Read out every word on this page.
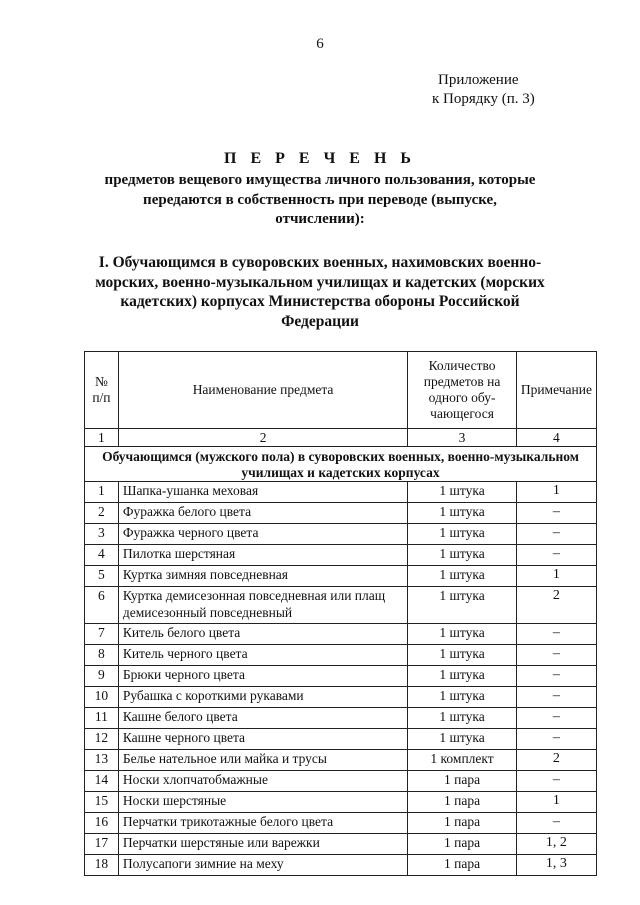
6
Приложение
к Порядку (п. 3)
П Е Р Е Ч Е Н Ь
предметов вещевого имущества личного пользования, которые передаются в собственность при переводе (выпуске, отчислении):
I. Обучающимся в суворовских военных, нахимовских военно-морских, военно-музыкальном училищах и кадетских (морских кадетских) корпусах Министерства обороны Российской Федерации
№ п/п	Наименование предмета	Количество предметов на одного обу-чающегося	Примечание
1	2	3	4
Обучающимся (мужского пола) в суворовских военных, военно-музыкальном училищах и кадетских корпусах			
1	Шапка-ушанка меховая	1 штука	1
2	Фуражка белого цвета	1 штука	–
3	Фуражка черного цвета	1 штука	–
4	Пилотка шерстяная	1 штука	–
5	Куртка зимняя повседневная	1 штука	1
6	Куртка демисезонная повседневная или плащ демисезонный повседневный	1 штука	2
7	Китель белого цвета	1 штука	–
8	Китель черного цвета	1 штука	–
9	Брюки черного цвета	1 штука	–
10	Рубашка с короткими рукавами	1 штука	–
11	Кашне белого цвета	1 штука	–
12	Кашне черного цвета	1 штука	–
13	Белье нательное или майка и трусы	1 комплект	2
14	Носки хлопчатобмажные	1 пара	–
15	Носки шерстяные	1 пара	1
16	Перчатки трикотажные белого цвета	1 пара	–
17	Перчатки шерстяные или варежки	1 пара	1, 2
18	Полусапоги зимние на меху	1 пара	1, 3
